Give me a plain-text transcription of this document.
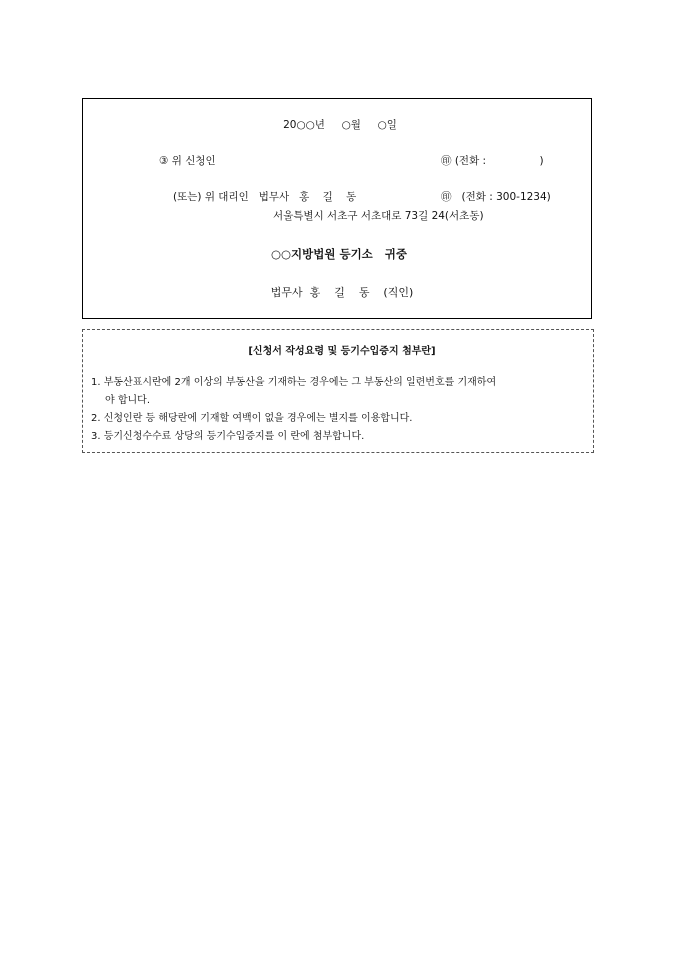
20○○년     ○월     ○일
③ 위 신청인	㊞ (전화 :                )
(또는) 위 대리인   법무사   홍    길    동	㊞   (전화 : 300-1234)
서울특별시 서초구 서초대로 73길 24(서초동)
○○지방법원 등기소   귀중
법무사  홍    길    동    (직인)
[신청서 작성요령 및 등기수입증지 첨부란]
1. 부동산표시란에 2개 이상의 부동산을 기재하는 경우에는 그 부동산의 일련번호를 기재하여
야 합니다.
2. 신청인란 등 해당란에 기재할 여백이 없을 경우에는 별지를 이용합니다.
3. 등기신청수수료 상당의 등기수입증지를 이 란에 첨부합니다.
